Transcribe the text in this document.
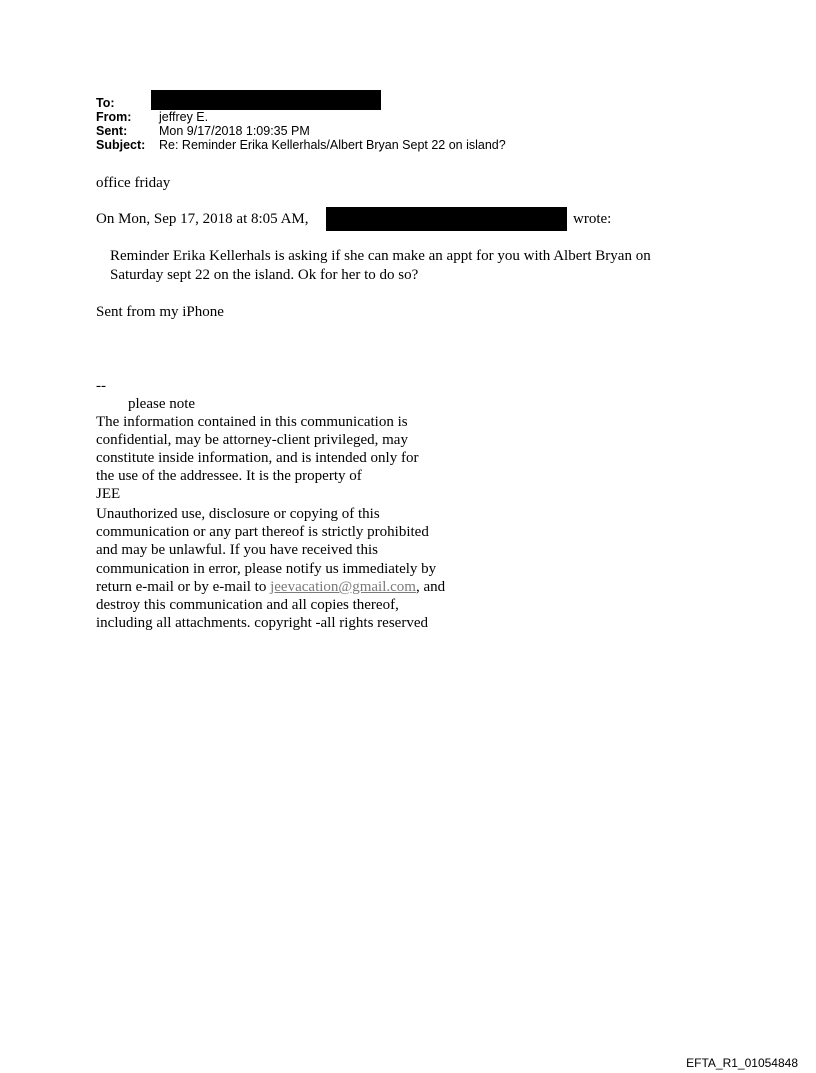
To:
From: jeffrey E.
Sent:	Mon 9/17/2018 1:09:35 PM
Subject: Re: Reminder Erika Kellerhals/Albert Bryan Sept 22 on island?
office friday
On Mon, Sep 17, 2018 at 8:05 AM,	wrote:
Reminder Erika Kellerhals is asking if she can make an appt for you with Albert Bryan on
Saturday sept 22 on the island. Ok for her to do so?
Sent from my iPhone
--
please note
The information contained in this communication is
confidential, may be attorney-client privileged, may
constitute inside information, and is intended only for
the use of the addressee. It is the property of
JEE
Unauthorized use, disclosure or copying of this
communication or any part thereof is strictly prohibited
and may be unlawful. If you have received this
communication in error, please notify us immediately by
return e-mail or by e-mail to jeevacation@gmail.com, and
destroy this communication and all copies thereof,
including all attachments. copyright -all rights reserved
EFTA_R1_01054848
